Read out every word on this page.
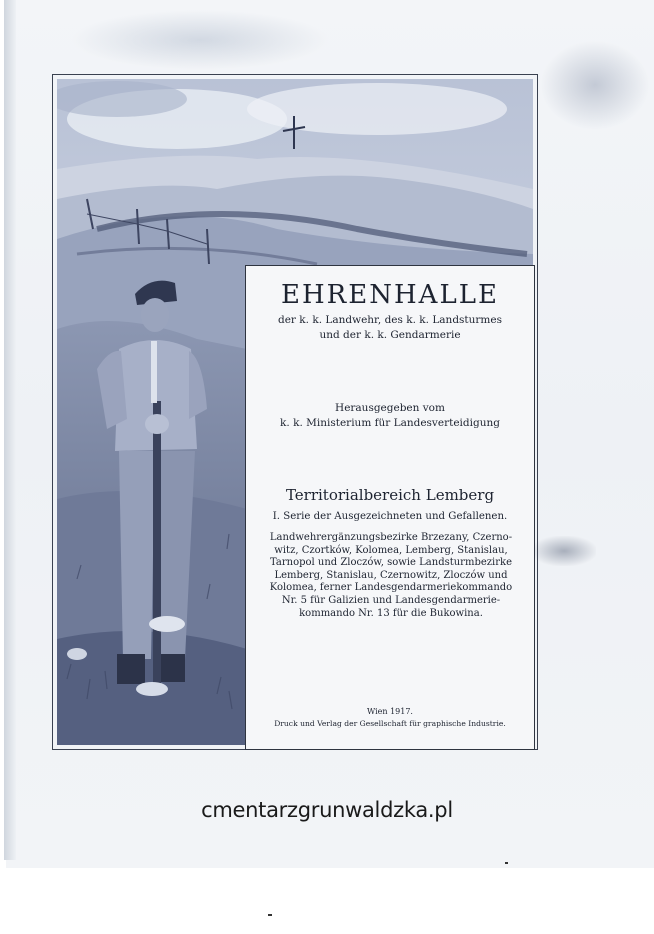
EHRENHALLE
der k. k. Landwehr, des k. k. Landsturmes
und der k. k. Gendarmerie
Herausgegeben vom
k. k. Ministerium für Landesverteidigung
Territorialbereich Lemberg
I. Serie der Ausgezeichneten und Gefallenen.
Landwehrergänzungsbezirke Brzezany, Czerno-
witz, Czortków, Kolomea, Lemberg, Stanislau,
Tarnopol und Zloczów, sowie Landsturmbezirke
Lemberg, Stanislau, Czernowitz, Zloczów und
Kolomea, ferner Landesgendarmeriekommando
Nr. 5 für Galizien und Landesgendarmerie-
kommando Nr. 13 für die Bukowina.
Wien 1917.
Druck und Verlag der Gesellschaft für graphische Industrie.
cmentarzgrunwaldzka.pl
